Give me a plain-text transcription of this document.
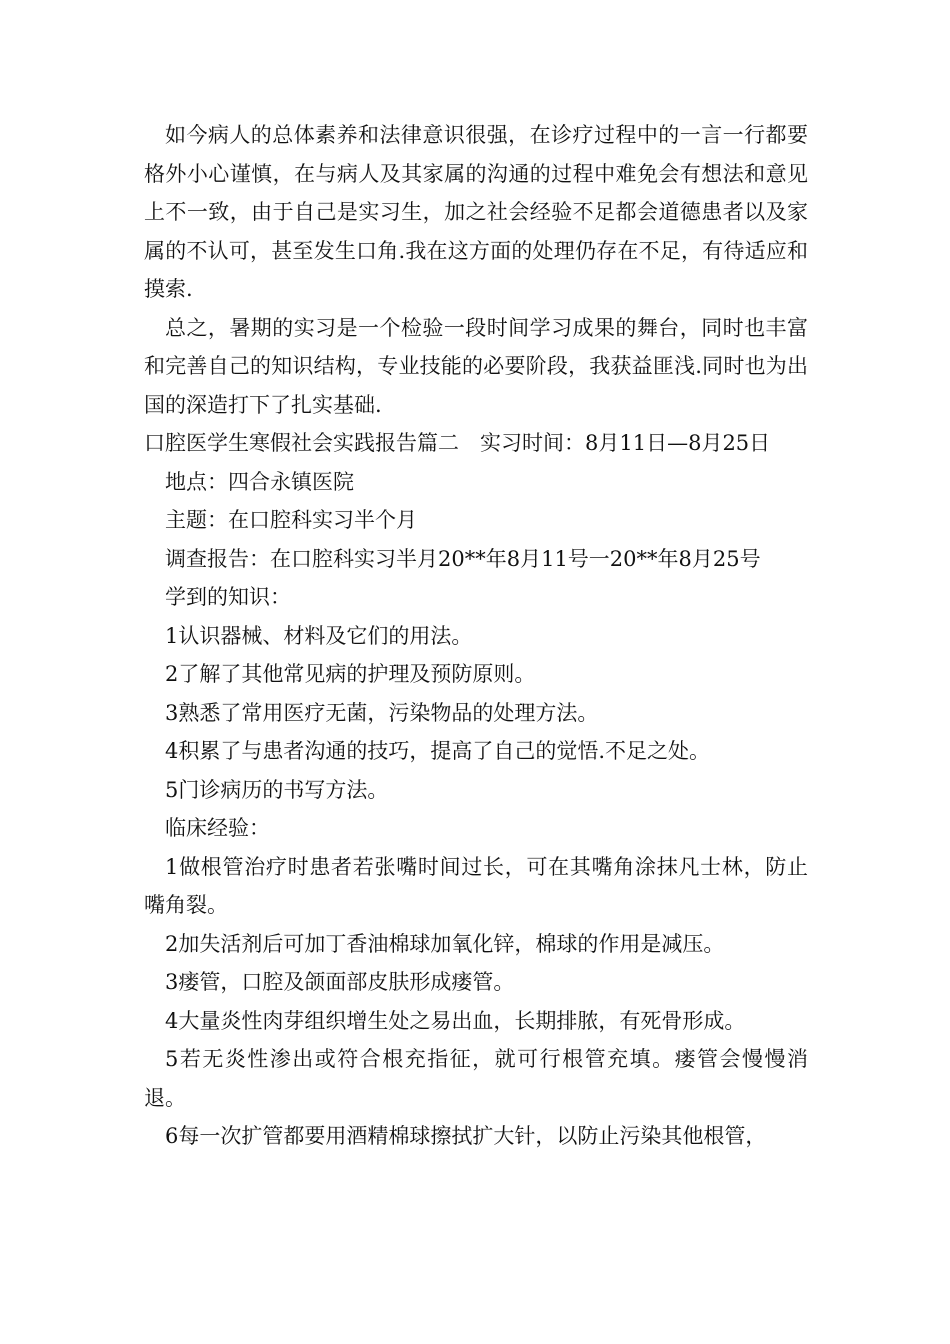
如今病人的总体素养和法律意识很强，在诊疗过程中的一言一行都要格外小心谨慎，在与病人及其家属的沟通的过程中难免会有想法和意见上不一致，由于自己是实习生，加之社会经验不足都会道德患者以及家属的不认可，甚至发生口角.我在这方面的处理仍存在不足，有待适应和摸索.

总之，暑期的实习是一个检验一段时间学习成果的舞台，同时也丰富和完善自己的知识结构，专业技能的必要阶段，我获益匪浅.同时也为出国的深造打下了扎实基础.

口腔医学生寒假社会实践报告篇二　实习时间：8月11日—8月25日

地点：四合永镇医院

主题：在口腔科实习半个月

调查报告：在口腔科实习半月20**年8月11号一20**年8月25号

学到的知识：

1认识器械、材料及它们的用法。

2了解了其他常见病的护理及预防原则。

3熟悉了常用医疗无菌，污染物品的处理方法。

4积累了与患者沟通的技巧，提高了自己的觉悟.不足之处。

5门诊病历的书写方法。

临床经验：

1做根管治疗时患者若张嘴时间过长，可在其嘴角涂抹凡士林，防止嘴角裂。

2加失活剂后可加丁香油棉球加氧化锌，棉球的作用是减压。

3瘘管，口腔及颌面部皮肤形成瘘管。

4大量炎性肉芽组织增生处之易出血，长期排脓，有死骨形成。

5若无炎性渗出或符合根充指征，就可行根管充填。瘘管会慢慢消退。

6每一次扩管都要用酒精棉球擦拭扩大针，以防止污染其他根管，
